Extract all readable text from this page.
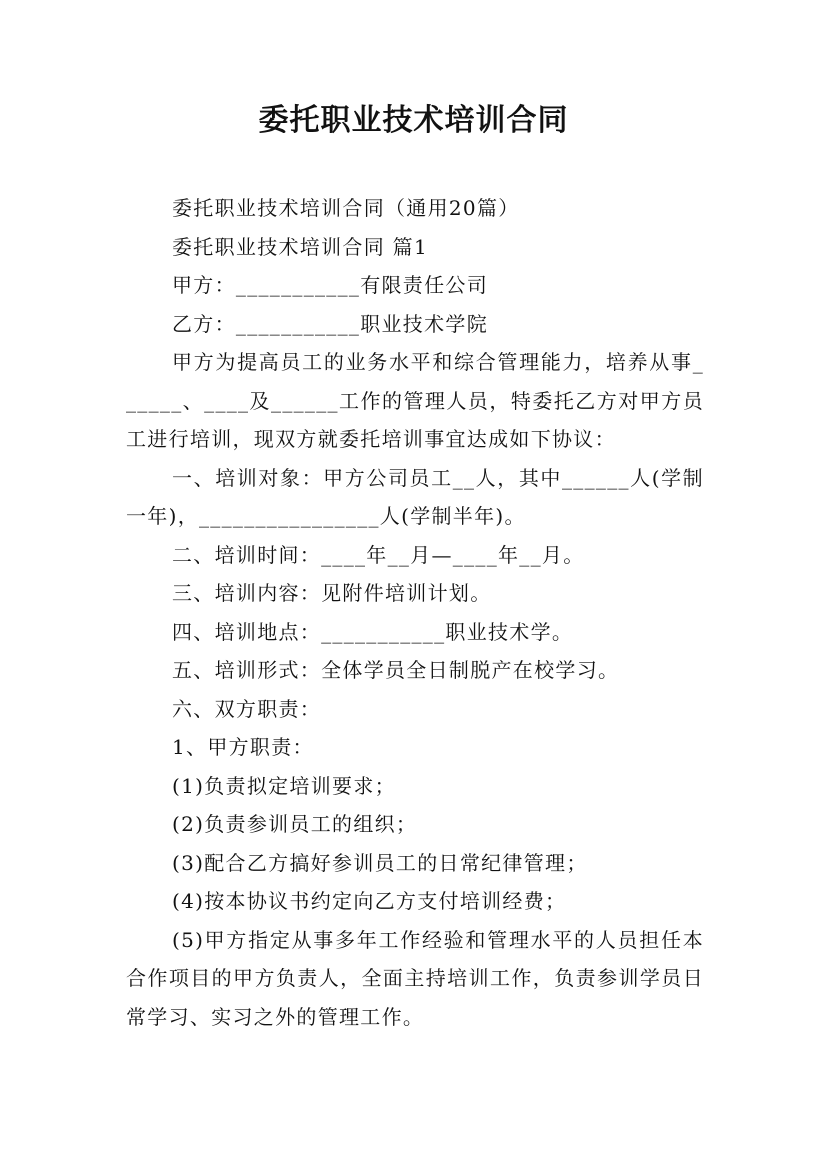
委托职业技术培训合同

委托职业技术培训合同（通用20篇）

委托职业技术培训合同 篇1

甲方：___________有限责任公司

乙方：___________职业技术学院

甲方为提高员工的业务水平和综合管理能力，培养从事______、____及______工作的管理人员，特委托乙方对甲方员工进行培训，现双方就委托培训事宜达成如下协议：

一、培训对象：甲方公司员工__人，其中______人(学制一年)，________________人(学制半年)。

二、培训时间：____年__月—____年__月。

三、培训内容：见附件培训计划。

四、培训地点：___________职业技术学。

五、培训形式：全体学员全日制脱产在校学习。

六、双方职责：

1、甲方职责：

(1)负责拟定培训要求；

(2)负责参训员工的组织；

(3)配合乙方搞好参训员工的日常纪律管理；

(4)按本协议书约定向乙方支付培训经费；

(5)甲方指定从事多年工作经验和管理水平的人员担任本合作项目的甲方负责人，全面主持培训工作，负责参训学员日常学习、实习之外的管理工作。
